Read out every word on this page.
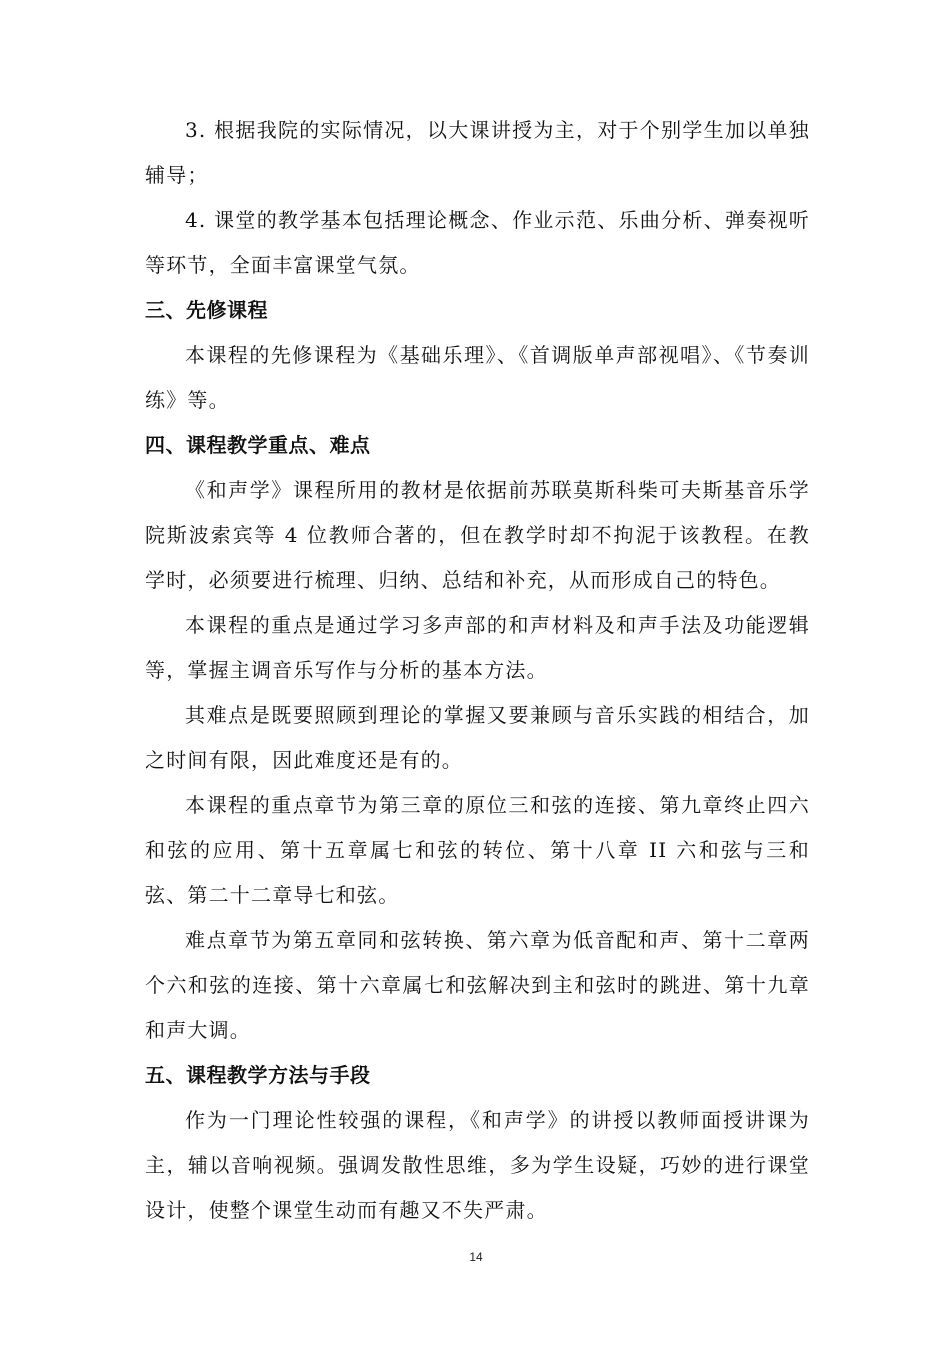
3. 根据我院的实际情况，以大课讲授为主，对于个别学生加以单独辅导；

4. 课堂的教学基本包括理论概念、作业示范、乐曲分析、弹奏视听等环节，全面丰富课堂气氛。

三、先修课程

本课程的先修课程为《基础乐理》、《首调版单声部视唱》、《节奏训练》等。

四、课程教学重点、难点

《和声学》课程所用的教材是依据前苏联莫斯科柴可夫斯基音乐学院斯波索宾等 4 位教师合著的，但在教学时却不拘泥于该教程。在教学时，必须要进行梳理、归纳、总结和补充，从而形成自己的特色。

本课程的重点是通过学习多声部的和声材料及和声手法及功能逻辑等，掌握主调音乐写作与分析的基本方法。

其难点是既要照顾到理论的掌握又要兼顾与音乐实践的相结合，加之时间有限，因此难度还是有的。

本课程的重点章节为第三章的原位三和弦的连接、第九章终止四六和弦的应用、第十五章属七和弦的转位、第十八章 II 六和弦与三和弦、第二十二章导七和弦。

难点章节为第五章同和弦转换、第六章为低音配和声、第十二章两个六和弦的连接、第十六章属七和弦解决到主和弦时的跳进、第十九章和声大调。

五、课程教学方法与手段

作为一门理论性较强的课程，《和声学》的讲授以教师面授讲课为主，辅以音响视频。强调发散性思维，多为学生设疑，巧妙的进行课堂设计，使整个课堂生动而有趣又不失严肃。

14
